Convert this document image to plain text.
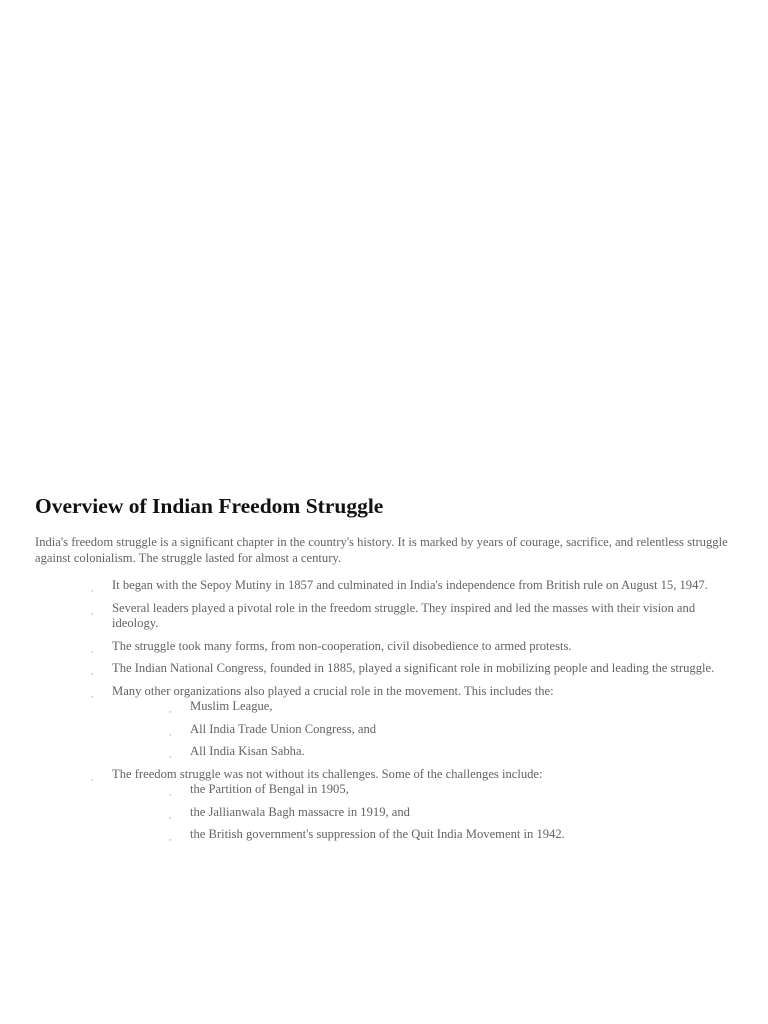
Overview of Indian Freedom Struggle

India's freedom struggle is a significant chapter in the country's history. It is marked by years of courage, sacrifice, and relentless struggle against colonialism. The struggle lasted for almost a century.

◦ It began with the Sepoy Mutiny in 1857 and culminated in India's independence from British rule on August 15, 1947.
◦ Several leaders played a pivotal role in the freedom struggle. They inspired and led the masses with their vision and ideology.
◦ The struggle took many forms, from non-cooperation, civil disobedience to armed protests.
◦ The Indian National Congress, founded in 1885, played a significant role in mobilizing people and leading the struggle.
◦ Many other organizations also played a crucial role in the movement. This includes the:
◦ Muslim League,
◦ All India Trade Union Congress, and
◦ All India Kisan Sabha.
◦ The freedom struggle was not without its challenges. Some of the challenges include:
◦ the Partition of Bengal in 1905,
◦ the Jallianwala Bagh massacre in 1919, and
◦ the British government's suppression of the Quit India Movement in 1942.
